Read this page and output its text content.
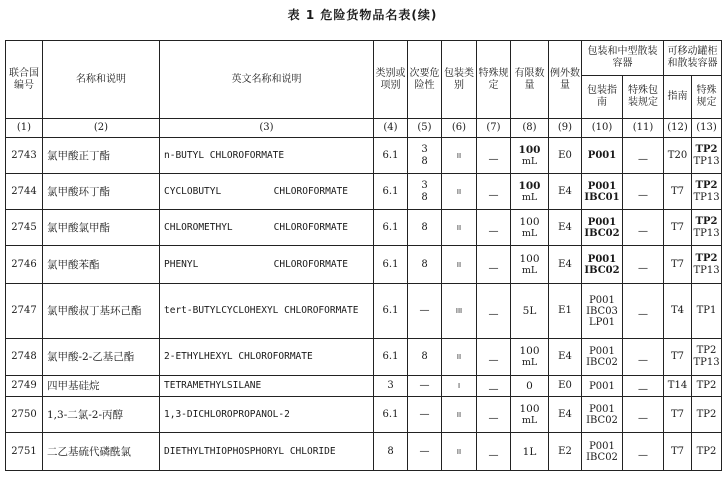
表 1 危险货物品名表(续)
联合国编号	名称和说明	英文名称和说明	类别或项别	次要危险性	包装类别	特殊规定	有限数量	例外数量	包装和中型散装容器		可移动罐柜和散装容器	
									包装指南	特殊包装规定	指南	特殊规定
(1)	(2)	(3)	(4)	(5)	(6)	(7)	(8)	(9)	(10)	(11)	(12)	(13)
2743	氯甲酸正丁酯	n-BUTYL CHLOROFORMATE	6.1	3
8	II	—	100
mL	E0	P001	—	T20	TP2
TP13

2744	氯甲酸环丁酯	CYCLOBUTYL CHLOROFORMATE	6.1	3
8	II	—	100
mL	E4	P001
IBC01	—	T7	TP2
TP13

2745	氯甲酸氯甲酯	CHLOROMETHYL CHLOROFORMATE	6.1	8	II	—	100
mL	E4	P001
IBC02	—	T7	TP2
TP13

2746	氯甲酸苯酯	PHENYL CHLOROFORMATE	6.1	8	II	—	100
mL	E4	P001
IBC02	—	T7	TP2
TP13

2747	氯甲酸叔丁基环己酯	tert-BUTYLCYCLOHEXYL CHLOROFORMATE	6.1	—	III	—	5L	E1	P001
IBC03
LP01	—	T4	TP1

2748	氯甲酸-2-乙基己酯	2-ETHYLHEXYL CHLOROFORMATE	6.1	8	II	—	100
mL	E4	P001
IBC02	—	T7	TP2
TP13

2749	四甲基硅烷	TETRAMETHYLSILANE	3	—	I	—	0	E0	P001	—	T14	TP2

2750	1,3-二氯-2-丙醇	1,3-DICHLOROPROPANOL-2	6.1	—	II	—	100
mL	E4	P001
IBC02	—	T7	TP2

2751	二乙基硫代磷酰氯	DIETHYLTHIOPHOSPHORYL CHLORIDE	8	—	II	—	1L	E2	P001
IBC02	—	T7	TP2
